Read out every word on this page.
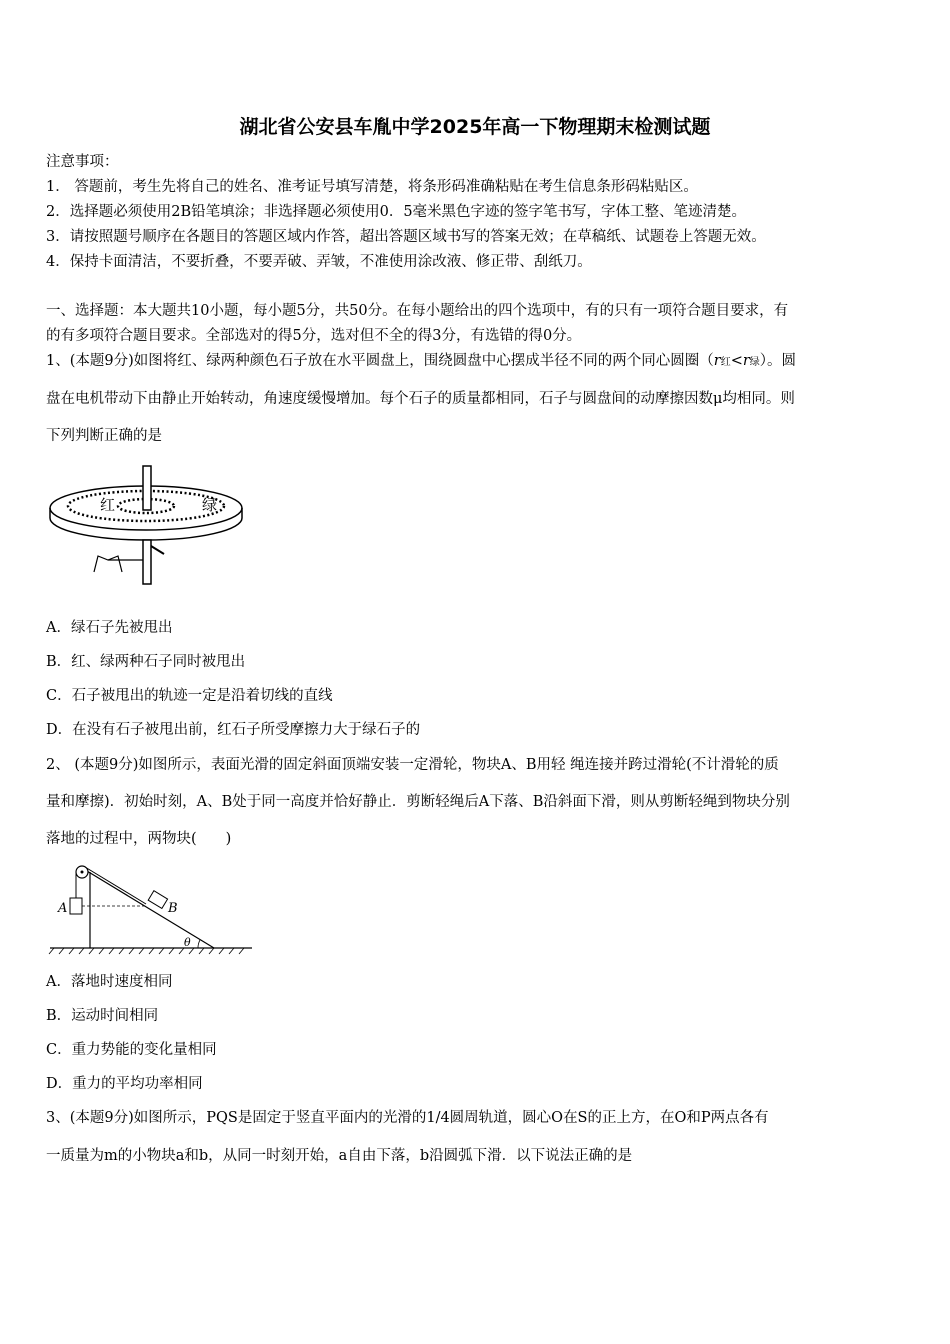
湖北省公安县车胤中学2025年高一下物理期末检测试题
注意事项：
1． 答题前，考生先将自己的姓名、准考证号填写清楚，将条形码准确粘贴在考生信息条形码粘贴区。
2．选择题必须使用2B铅笔填涂；非选择题必须使用0．5毫米黑色字迹的签字笔书写，字体工整、笔迹清楚。
3．请按照题号顺序在各题目的答题区域内作答，超出答题区域书写的答案无效；在草稿纸、试题卷上答题无效。
4．保持卡面清洁，不要折叠，不要弄破、弄皱，不准使用涂改液、修正带、刮纸刀。
一、选择题：本大题共10小题，每小题5分，共50分。在每小题给出的四个选项中，有的只有一项符合题目要求，有
的有多项符合题目要求。全部选对的得5分，选对但不全的得3分，有选错的得0分。
1、(本题9分)如图将红、绿两种颜色石子放在水平圆盘上，围绕圆盘中心摆成半径不同的两个同心圆圈（r红<r绿）。圆
盘在电机带动下由静止开始转动，角速度缓慢增加。每个石子的质量都相同，石子与圆盘间的动摩擦因数μ均相同。则
下列判断正确的是
红	绿
A．绿石子先被甩出
B．红、绿两种石子同时被甩出
C．石子被甩出的轨迹一定是沿着切线的直线
D．在没有石子被甩出前，红石子所受摩擦力大于绿石子的
2、 (本题9分)如图所示，表面光滑的固定斜面顶端安装一定滑轮，物块A、B用轻 绳连接并跨过滑轮(不计滑轮的质
量和摩擦)．初始时刻，A、B处于同一高度并恰好静止．剪断轻绳后A下落、B沿斜面下滑，则从剪断轻绳到物块分别
落地的过程中，两物块(　　)
A	B
θ
A．落地时速度相同
B．运动时间相同
C．重力势能的变化量相同
D．重力的平均功率相同
3、(本题9分)如图所示，PQS是固定于竖直平面内的光滑的1/4圆周轨道，圆心O在S的正上方，在O和P两点各有
一质量为m的小物块a和b，从同一时刻开始，a自由下落，b沿圆弧下滑．以下说法正确的是
